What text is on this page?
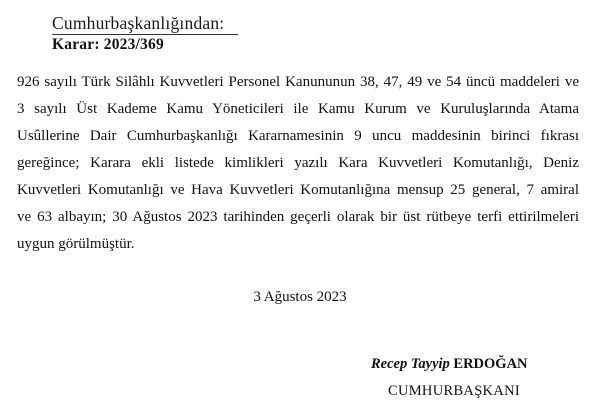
Cumhurbaşkanlığından:
Karar: 2023/369
926 sayılı Türk Silâhlı Kuvvetleri Personel Kanununun 38, 47, 49 ve 54 üncü maddeleri ve
3 sayılı Üst Kademe Kamu Yöneticileri ile Kamu Kurum ve Kuruluşlarında Atama
Usûllerine Dair Cumhurbaşkanlığı Kararnamesinin 9 uncu maddesinin birinci fıkrası
gereğince; Karara ekli listede kimlikleri yazılı Kara Kuvvetleri Komutanlığı, Deniz
Kuvvetleri Komutanlığı ve Hava Kuvvetleri Komutanlığına mensup 25 general, 7 amiral
ve 63 albayın; 30 Ağustos 2023 tarihinden geçerli olarak bir üst rütbeye terfi ettirilmeleri
uygun görülmüştür.
3 Ağustos 2023
Recep Tayyip ERDOĞAN
CUMHURBAŞKANI
